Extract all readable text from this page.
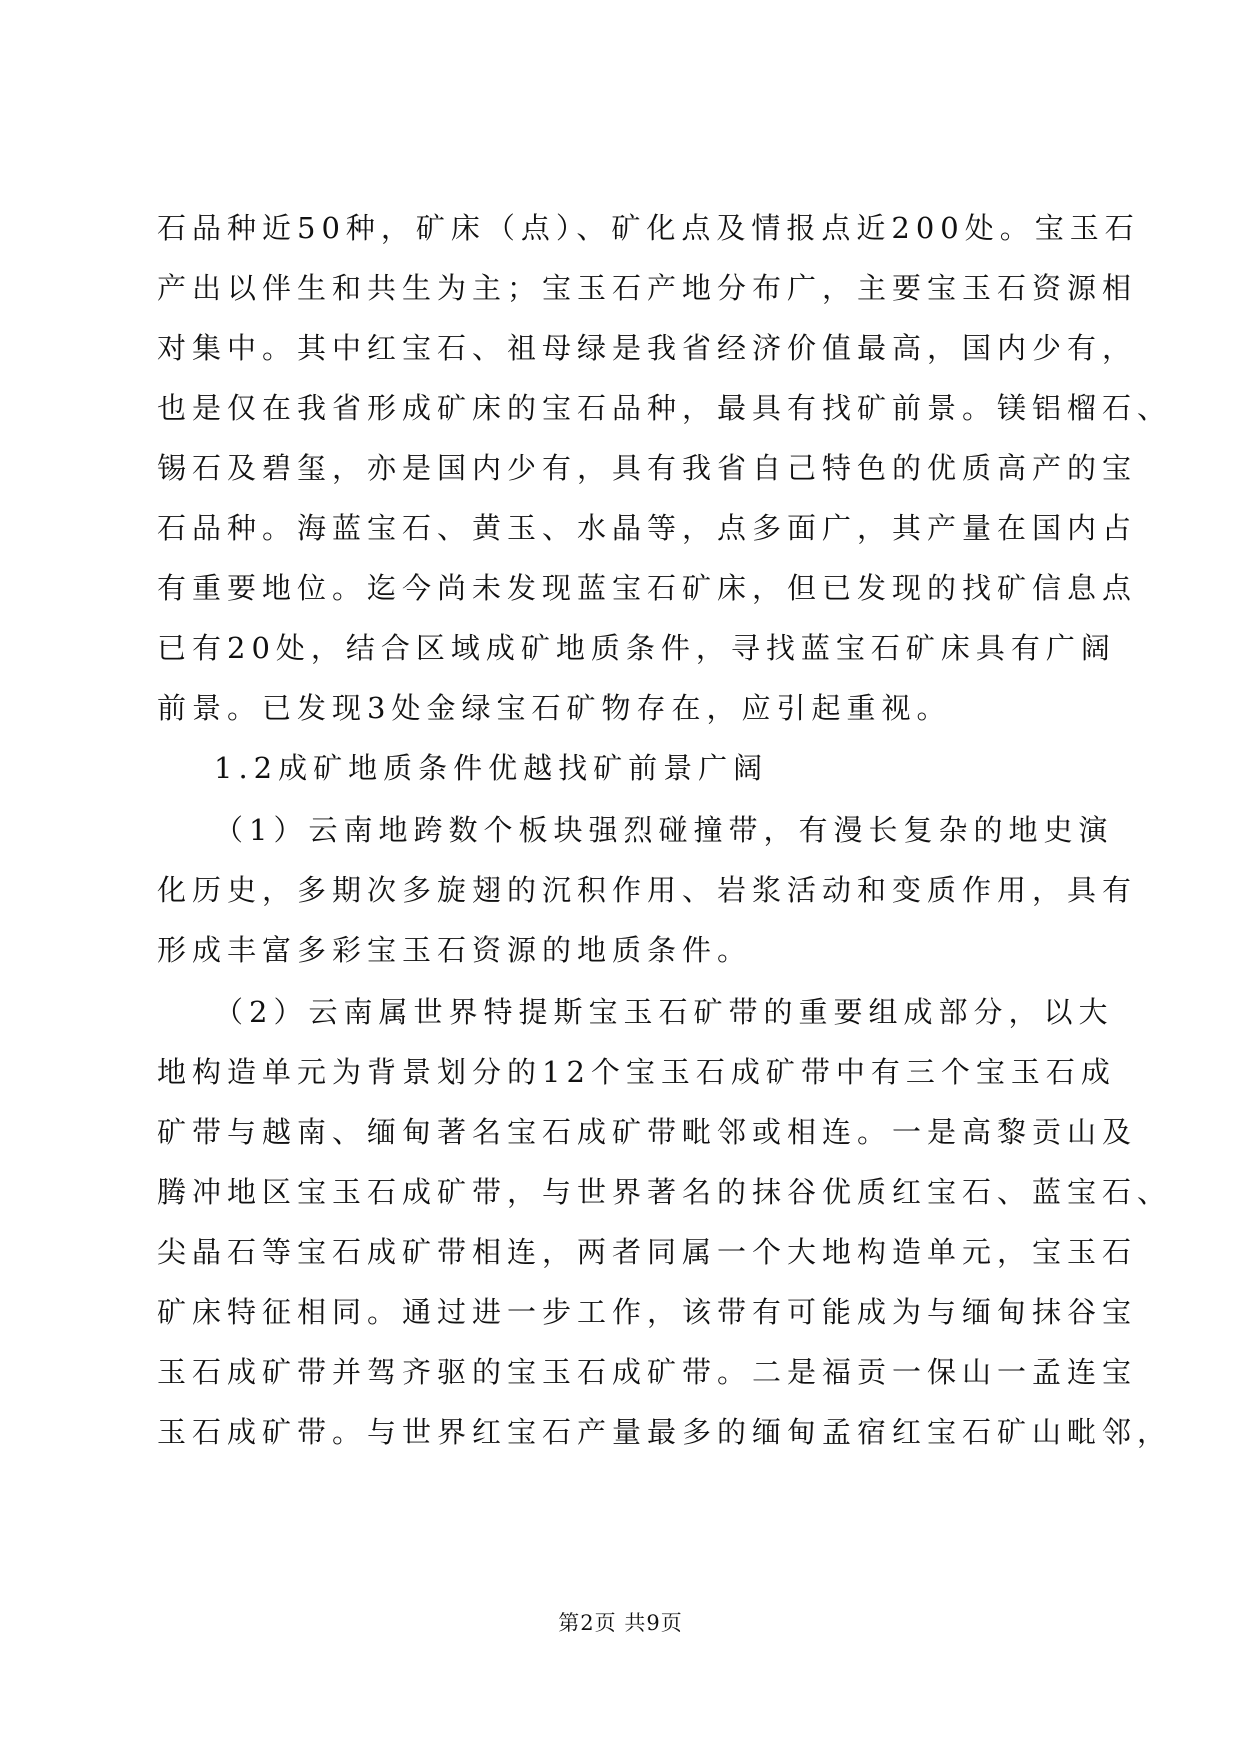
石品种近50种，矿床（点）、矿化点及情报点近200处。宝玉石
产出以伴生和共生为主；宝玉石产地分布广，主要宝玉石资源相
对集中。其中红宝石、祖母绿是我省经济价值最高，国内少有，
也是仅在我省形成矿床的宝石品种，最具有找矿前景。镁铝榴石、
锡石及碧玺，亦是国内少有，具有我省自己特色的优质高产的宝
石品种。海蓝宝石、黄玉、水晶等，点多面广，其产量在国内占
有重要地位。迄今尚未发现蓝宝石矿床，但已发现的找矿信息点
已有20处，结合区域成矿地质条件，寻找蓝宝石矿床具有广阔
前景。已发现3处金绿宝石矿物存在，应引起重视。
1.2成矿地质条件优越找矿前景广阔
（1）云南地跨数个板块强烈碰撞带，有漫长复杂的地史演
化历史，多期次多旋翅的沉积作用、岩浆活动和变质作用，具有
形成丰富多彩宝玉石资源的地质条件。
（2）云南属世界特提斯宝玉石矿带的重要组成部分，以大
地构造单元为背景划分的12个宝玉石成矿带中有三个宝玉石成
矿带与越南、缅甸著名宝石成矿带毗邻或相连。一是高黎贡山及
腾冲地区宝玉石成矿带，与世界著名的抹谷优质红宝石、蓝宝石、
尖晶石等宝石成矿带相连，两者同属一个大地构造单元，宝玉石
矿床特征相同。通过进一步工作，该带有可能成为与缅甸抹谷宝
玉石成矿带并驾齐驱的宝玉石成矿带。二是福贡一保山一孟连宝
玉石成矿带。与世界红宝石产量最多的缅甸孟宿红宝石矿山毗邻，
第2页 共9页
